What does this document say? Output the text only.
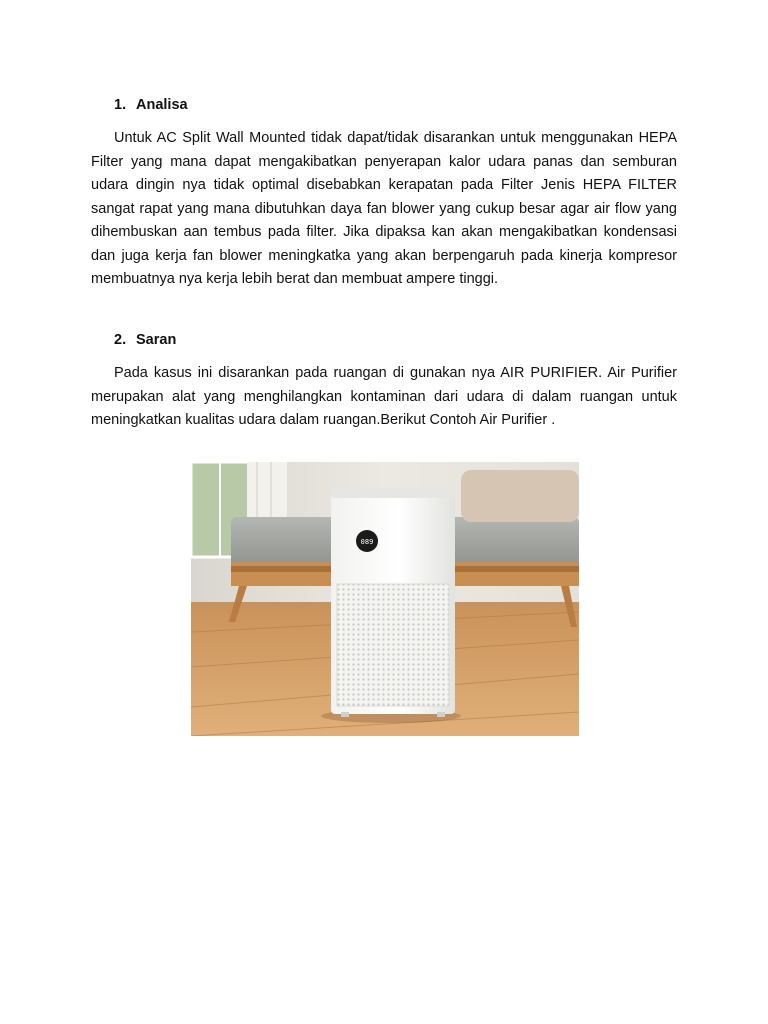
1. Analisa

Untuk AC Split Wall Mounted tidak dapat/tidak disarankan untuk menggunakan HEPA Filter yang mana dapat mengakibatkan penyerapan kalor udara panas dan semburan udara dingin nya tidak optimal disebabkan kerapatan pada Filter Jenis HEPA FILTER sangat rapat yang mana dibutuhkan daya fan blower yang cukup besar agar air flow yang dihembuskan aan tembus pada filter. Jika dipaksa kan akan mengakibatkan kondensasi dan juga kerja fan blower meningkatka yang akan berpengaruh pada kinerja kompresor membuatnya nya kerja lebih berat dan membuat ampere tinggi.

2. Saran

Pada kasus ini disarankan pada ruangan di gunakan nya AIR PURIFIER. Air Purifier merupakan alat yang menghilangkan kontaminan dari udara di dalam ruangan untuk meningkatkan kualitas udara dalam ruangan.Berikut Contoh Air Purifier .

089
